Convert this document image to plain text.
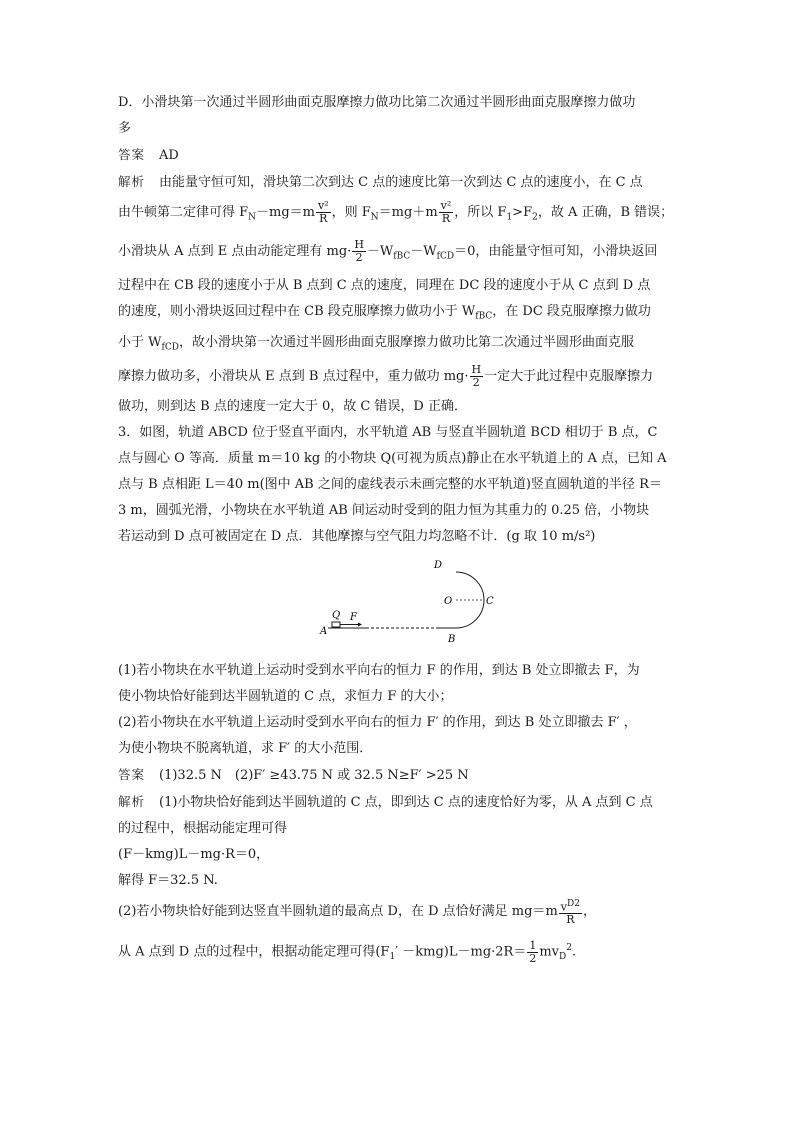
D．小滑块第一次通过半圆形曲面克服摩擦力做功比第二次通过半圆形曲面克服摩擦力做功

多

答案 AD

解析 由能量守恒可知，滑块第二次到达 C 点的速度比第一次到达 C 点的速度小，在 C 点

由牛顿第二定律可得 $F_N-mg=m \frac{\text{v²}}{R}$ ，则 $F_N=mg+m \frac{\text{v²}}{R}$ ，所以 $F_1>F_2$，故 A 正确，B 错误；

小滑块从 A 点到 E 点由动能定理有 $mg\cdot \frac{H}{2} -W_{fBC}-W_{fCD}=0$，由能量守恒可知，小滑块返回

过程中在 CB 段的速度小于从 B 点到 C 点的速度，同理在 DC 段的速度小于从 C 点到 D 点

的速度，则小滑块返回过程中在 CB 段克服摩擦力做功小于 $W_{fBC}$，在 DC 段克服摩擦力做功

小于 $W_{fCD}$，故小滑块第一次通过半圆形曲面克服摩擦力做功比第二次通过半圆形曲面克服

摩擦力做功多，小滑块从 E 点到 B 点过程中，重力做功 $mg\cdot \frac{H}{2}$ 一定大于此过程中克服摩擦力

做功，则到达 B 点的速度一定大于 0，故 C 错误，D 正确．

3．如图，轨道 ABCD 位于竖直平面内，水平轨道 AB 与竖直半圆轨道 BCD 相切于 B 点，C

点与圆心 O 等高．质量 m＝10 kg 的小物块 Q(可视为质点)静止在水平轨道上的 A 点，已知 A

点与 B 点相距 L＝40 m(图中 AB 之间的虚线表示未画完整的水平轨道)竖直圆轨道的半径 R＝

3 m，圆弧光滑，小物块在水平轨道 AB 间运动时受到的阻力恒为其重力的 0.25 倍，小物块

若运动到 D 点可被固定在 D 点．其他摩擦与空气阻力均忽略不计．(g 取 10 m/s²)

D
O	C
Q F
A
B

(1)若小物块在水平轨道上运动时受到水平向右的恒力 F 的作用，到达 B 处立即撤去 F，为

使小物块恰好能到达半圆轨道的 C 点，求恒力 F 的大小；

(2)若小物块在水平轨道上运动时受到水平向右的恒力 F′ 的作用，到达 B 处立即撤去 F′ ，

为使小物块不脱离轨道，求 F′ 的大小范围．

答案 (1)32.5 N　(2)F′ ≥43.75 N 或 32.5 N≥F′ >25 N

解析 (1)小物块恰好能到达半圆轨道的 C 点，即到达 C 点的速度恰好为零，从 A 点到 C 点

的过程中，根据动能定理可得

(F－kmg)L－mg·R＝0，

解得 F＝32.5 N.

(2)若小物块恰好能到达竖直半圆轨道的最高点 D，在 D 点恰好满足 $mg=m \frac{v^{D2}}{R}$ ，

从 A 点到 D 点的过程中，根据动能定理可得$(F_1' -kmg)L-mg\cdot 2R= \frac{1}{2} mv_D^2$.
